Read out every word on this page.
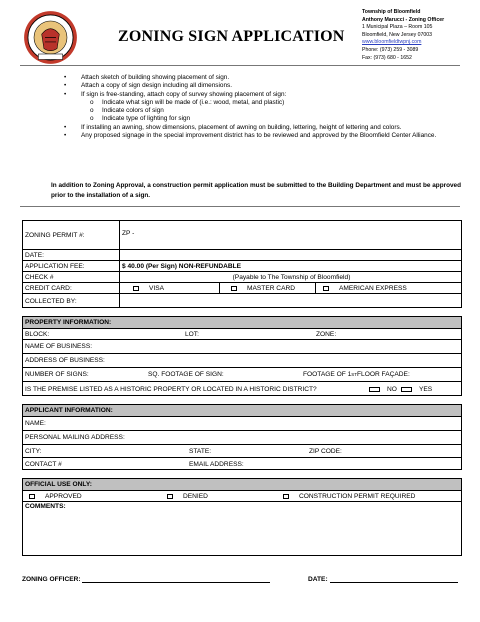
ZONING SIGN APPLICATION
Township of Bloomfield
Anthony Marucci - Zoning Officer
1 Municipal Plaza – Room 105
Bloomfield, New Jersey 07003
www.bloomfieldtwpnj.com
Phone: (973) 259 - 3089
Fax: (973) 680 - 1652
• Attach sketch of building showing placement of sign.
• Attach a copy of sign design including all dimensions.
• If sign is free-standing, attach copy of survey showing placement of sign:
o Indicate what sign will be made of (i.e.: wood, metal, and plastic)
o Indicate colors of sign
o Indicate type of lighting for sign
• If installing an awning, show dimensions, placement of awning on building, lettering, height of lettering and colors.
• Any proposed signage in the special improvement district has to be reviewed and approved by the Bloomfield Center Alliance.
In addition to Zoning Approval, a construction permit application must be submitted to the Building Department and must be approved prior to the installation of a sign.
ZONING PERMIT #:	ZP -
DATE:
APPLICATION FEE:	$ 40.00 (Per Sign) NON-REFUNDABLE
CHECK #	(Payable to The Township of Bloomfield)
CREDIT CARD:	VISA	MASTER CARD	AMERICAN EXPRESS
COLLECTED BY:
PROPERTY INFORMATION:
BLOCK:	LOT:	ZONE:
NAME OF BUSINESS:
ADDRESS OF BUSINESS:
NUMBER OF SIGNS:	SQ. FOOTAGE OF SIGN:	FOOTAGE OF 1 ST FLOOR FAÇADE:
IS THE PREMISE LISTED AS A HISTORIC PROPERTY OR LOCATED IN A HISTORIC DISTRICT?	NO	YES
APPLICANT INFORMATION:
NAME:
PERSONAL MAILING ADDRESS:
CITY:	STATE:	ZIP CODE:
CONTACT #	EMAIL ADDRESS:
OFFICIAL USE ONLY:
APPROVED	DENIED	CONSTRUCTION PERMIT REQUIRED
COMMENTS:
ZONING OFFICER:	DATE:
